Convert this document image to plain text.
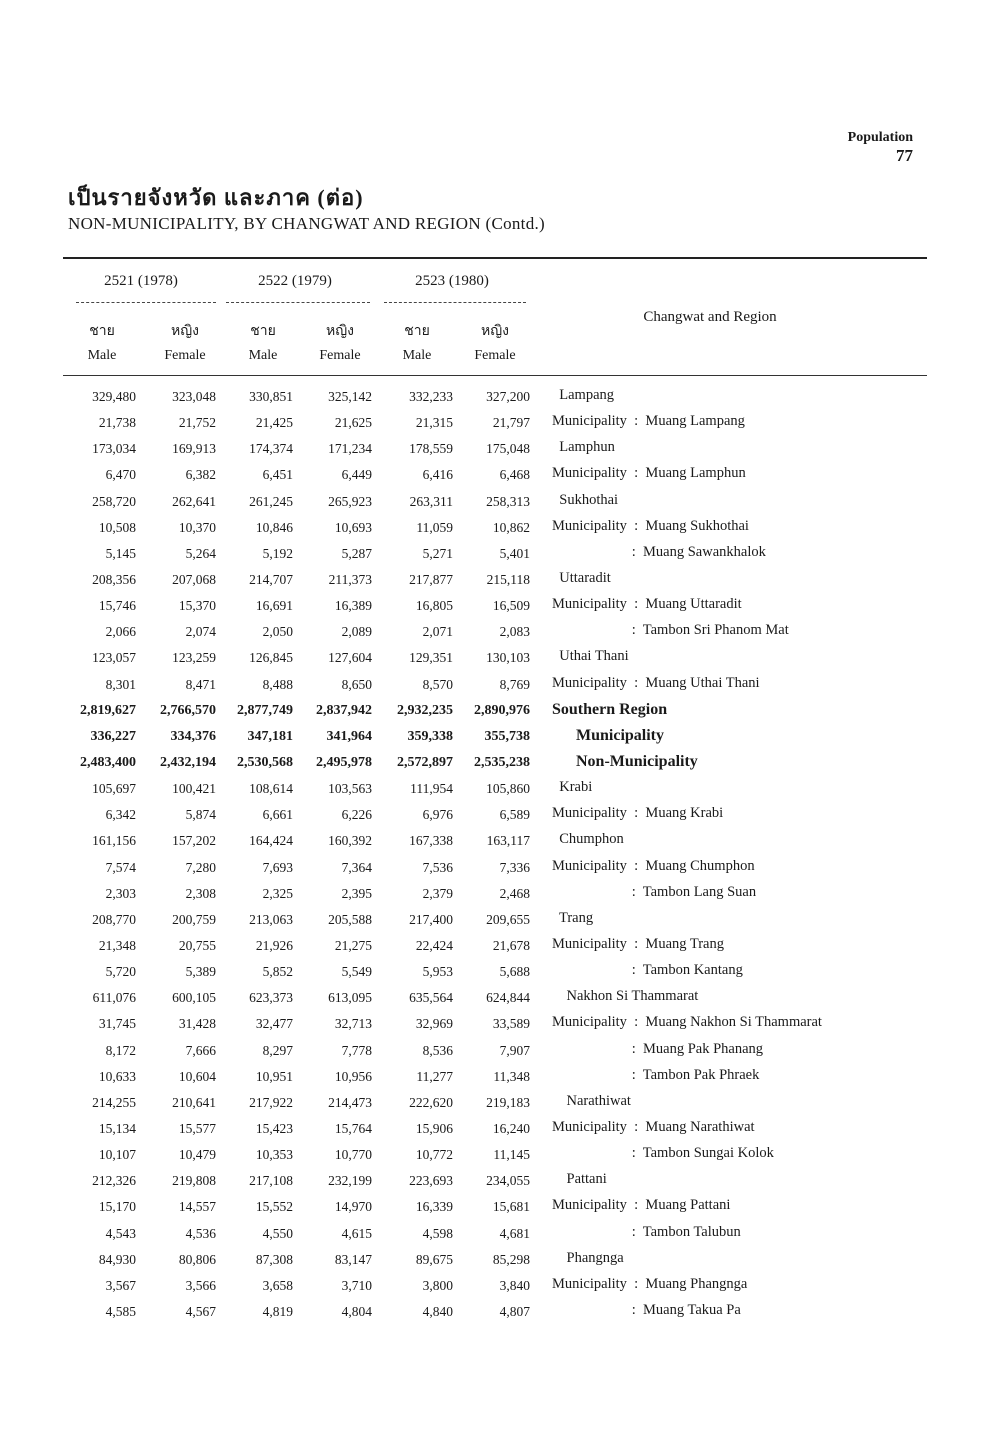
Population
77
เป็นรายจังหวัด และภาค (ต่อ)
NON-MUNICIPALITY, BY CHANGWAT AND REGION (Contd.)
2521 (1978)	2522 (1979)	2523 (1980)
ชาย
Male
หญิง
Female
ชาย
Male
หญิง
Female
ชาย
Male
หญิง
Female
Changwat and Region
329,480	323,048	330,851	325,142	332,233	327,200 Lampang
21,738	21,752	21,425	21,625	21,315	21,797 Municipality  :  Muang Lampang
173,034	169,913	174,374	171,234	178,559	175,048 Lamphun
6,470	6,382	6,451	6,449	6,416	6,468 Municipality  :  Muang Lamphun
258,720	262,641	261,245	265,923	263,311	258,313 Sukhothai
10,508	10,370	10,846	10,693	11,059	10,862 Municipality  :  Muang Sukhothai
5,145	5,264	5,192	5,287	5,271	5,401 :  Muang Sawankhalok
208,356	207,068	214,707	211,373	217,877	215,118 Uttaradit
15,746	15,370	16,691	16,389	16,805	16,509 Municipality  :  Muang Uttaradit
2,066	2,074	2,050	2,089	2,071	2,083 :  Tambon Sri Phanom Mat
123,057	123,259	126,845	127,604	129,351	130,103 Uthai Thani
8,301	8,471	8,488	8,650	8,570	8,769 Municipality  :  Muang Uthai Thani
2,819,627	2,766,570	2,877,749	2,837,942	2,932,235	2,890,976 Southern Region
336,227	334,376	347,181	341,964	359,338	355,738 Municipality
2,483,400	2,432,194	2,530,568	2,495,978	2,572,897	2,535,238 Non-Municipality
105,697	100,421	108,614	103,563	111,954	105,860 Krabi
6,342	5,874	6,661	6,226	6,976	6,589 Municipality  :  Muang Krabi
161,156	157,202	164,424	160,392	167,338	163,117 Chumphon
7,574	7,280	7,693	7,364	7,536	7,336 Municipality  :  Muang Chumphon
2,303	2,308	2,325	2,395	2,379	2,468 :  Tambon Lang Suan
208,770	200,759	213,063	205,588	217,400	209,655 Trang
21,348	20,755	21,926	21,275	22,424	21,678 Municipality  :  Muang Trang
5,720	5,389	5,852	5,549	5,953	5,688 :  Tambon Kantang
611,076	600,105	623,373	613,095	635,564	624,844 Nakhon Si Thammarat
31,745	31,428	32,477	32,713	32,969	33,589 Municipality  :  Muang Nakhon Si Thammarat
8,172	7,666	8,297	7,778	8,536	7,907 :  Muang Pak Phanang
10,633	10,604	10,951	10,956	11,277	11,348 :  Tambon Pak Phraek
214,255	210,641	217,922	214,473	222,620	219,183 Narathiwat
15,134	15,577	15,423	15,764	15,906	16,240 Municipality  :  Muang Narathiwat
10,107	10,479	10,353	10,770	10,772	11,145 :  Tambon Sungai Kolok
212,326	219,808	217,108	232,199	223,693	234,055 Pattani
15,170	14,557	15,552	14,970	16,339	15,681 Municipality  :  Muang Pattani
4,543	4,536	4,550	4,615	4,598	4,681 :  Tambon Talubun
84,930	80,806	87,308	83,147	89,675	85,298 Phangnga
3,567	3,566	3,658	3,710	3,800	3,840 Municipality  :  Muang Phangnga
4,585	4,567	4,819	4,804	4,840	4,807 :  Muang Takua Pa
